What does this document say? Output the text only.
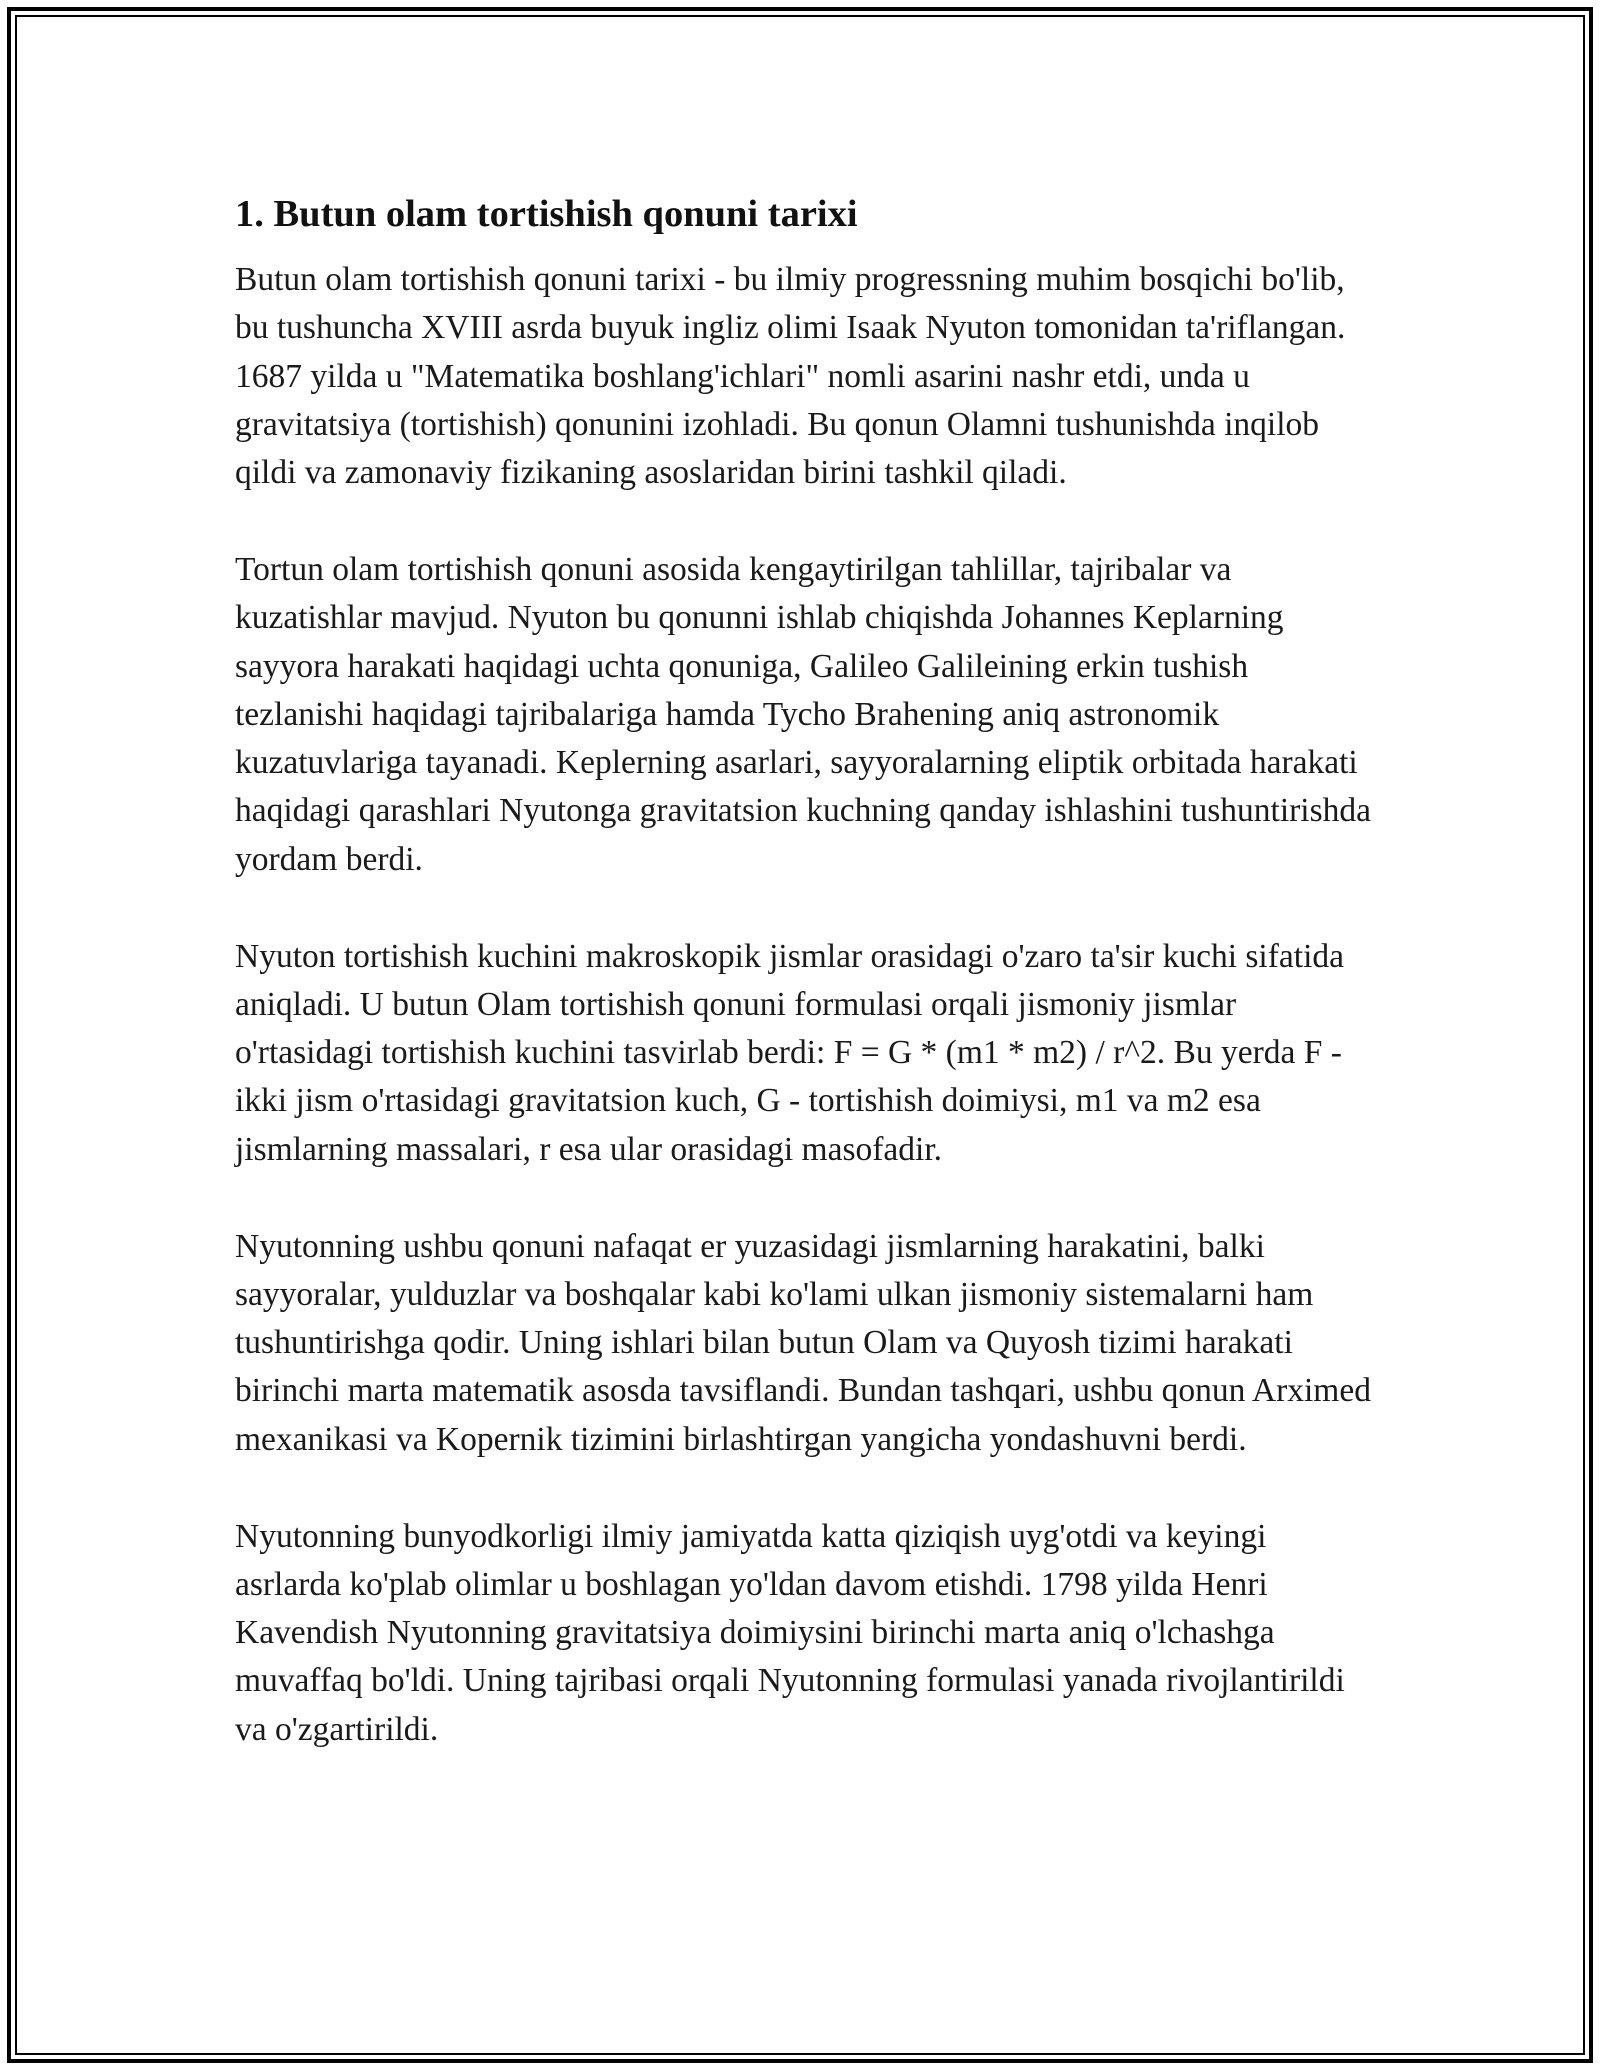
1. Butun olam tortishish qonuni tarixi

Butun olam tortishish qonuni tarixi - bu ilmiy progressning muhim bosqichi bo'lib, bu tushuncha XVIII asrda buyuk ingliz olimi Isaak Nyuton tomonidan ta'riflangan. 1687 yilda u "Matematika boshlang'ichlari" nomli asarini nashr etdi, unda u gravitatsiya (tortishish) qonunini izohladi. Bu qonun Olamni tushunishda inqilob qildi va zamonaviy fizikaning asoslaridan birini tashkil qiladi.

Tortun olam tortishish qonuni asosida kengaytirilgan tahlillar, tajribalar va kuzatishlar mavjud. Nyuton bu qonunni ishlab chiqishda Johannes Keplarning sayyora harakati haqidagi uchta qonuniga, Galileo Galileining erkin tushish tezlanishi haqidagi tajribalariga hamda Tycho Brahening aniq astronomik kuzatuvlariga tayanadi. Keplerning asarlari, sayyoralarning eliptik orbitada harakati haqidagi qarashlari Nyutonga gravitatsion kuchning qanday ishlashini tushuntirishda yordam berdi.

Nyuton tortishish kuchini makroskopik jismlar orasidagi o'zaro ta'sir kuchi sifatida aniqladi. U butun Olam tortishish qonuni formulasi orqali jismoniy jismlar o'rtasidagi tortishish kuchini tasvirlab berdi: F = G * (m1 * m2) / r^2. Bu yerda F - ikki jism o'rtasidagi gravitatsion kuch, G - tortishish doimiysi, m1 va m2 esa jismlarning massalari, r esa ular orasidagi masofadir.

Nyutonning ushbu qonuni nafaqat er yuzasidagi jismlarning harakatini, balki sayyoralar, yulduzlar va boshqalar kabi ko'lami ulkan jismoniy sistemalarni ham tushuntirishga qodir. Uning ishlari bilan butun Olam va Quyosh tizimi harakati birinchi marta matematik asosda tavsiflandi. Bundan tashqari, ushbu qonun Arximed mexanikasi va Kopernik tizimini birlashtirgan yangicha yondashuvni berdi.

Nyutonning bunyodkorligi ilmiy jamiyatda katta qiziqish uyg'otdi va keyingi asrlarda ko'plab olimlar u boshlagan yo'ldan davom etishdi. 1798 yilda Henri Kavendish Nyutonning gravitatsiya doimiysini birinchi marta aniq o'lchashga muvaffaq bo'ldi. Uning tajribasi orqali Nyutonning formulasi yanada rivojlantirildi va o'zgartirildi.
